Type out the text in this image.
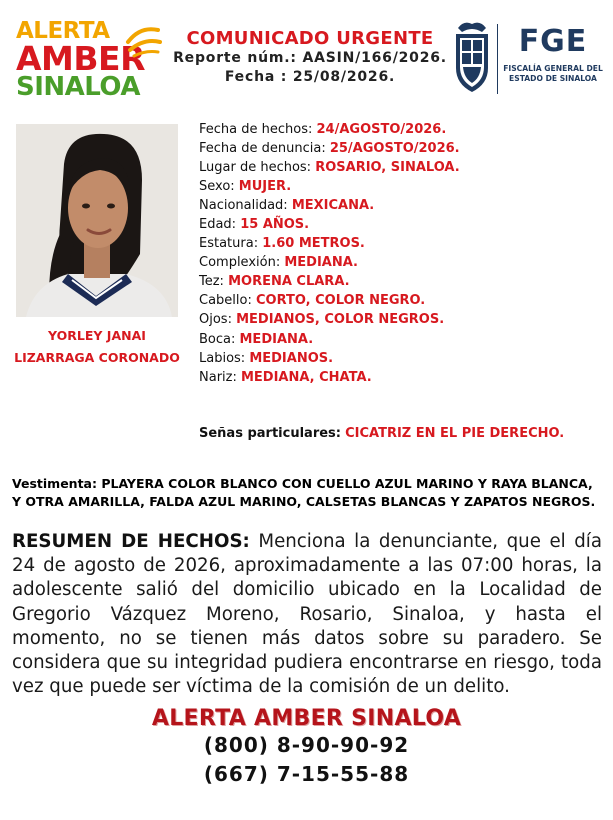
ALERTA
AMBER
SINALOA
COMUNICADO URGENTE
Reporte núm.: AASIN/166/2026.
Fecha : 25/08/2026.
FGE
FISCALÍA GENERAL DEL
ESTADO DE SINALOA
YORLEY JANAI
LIZARRAGA CORONADO
Fecha de hechos: 24/AGOSTO/2026.
Fecha de denuncia: 25/AGOSTO/2026.
Lugar de hechos: ROSARIO, SINALOA.
Sexo: MUJER.
Nacionalidad: MEXICANA.
Edad: 15 AÑOS.
Estatura: 1.60 METROS.
Complexión: MEDIANA.
Tez: MORENA CLARA.
Cabello: CORTO, COLOR NEGRO.
Ojos: MEDIANOS, COLOR NEGROS.
Boca: MEDIANA.
Labios: MEDIANOS.
Nariz: MEDIANA, CHATA.
Señas particulares: CICATRIZ EN EL PIE DERECHO.
Vestimenta: PLAYERA COLOR BLANCO CON CUELLO AZUL MARINO Y RAYA BLANCA, Y OTRA AMARILLA, FALDA AZUL MARINO, CALSETAS BLANCAS Y ZAPATOS NEGROS.
RESUMEN DE HECHOS: Menciona la denunciante, que el día 24 de agosto de 2026, aproximadamente a las 07:00 horas, la adolescente salió del domicilio ubicado en la Localidad de Gregorio Vázquez Moreno, Rosario, Sinaloa, y hasta el momento, no se tienen más datos sobre su paradero. Se considera que su integridad pudiera encontrarse en riesgo, toda vez que puede ser víctima de la comisión de un delito.
ALERTA AMBER SINALOA
(800) 8-90-90-92
(667) 7-15-55-88
